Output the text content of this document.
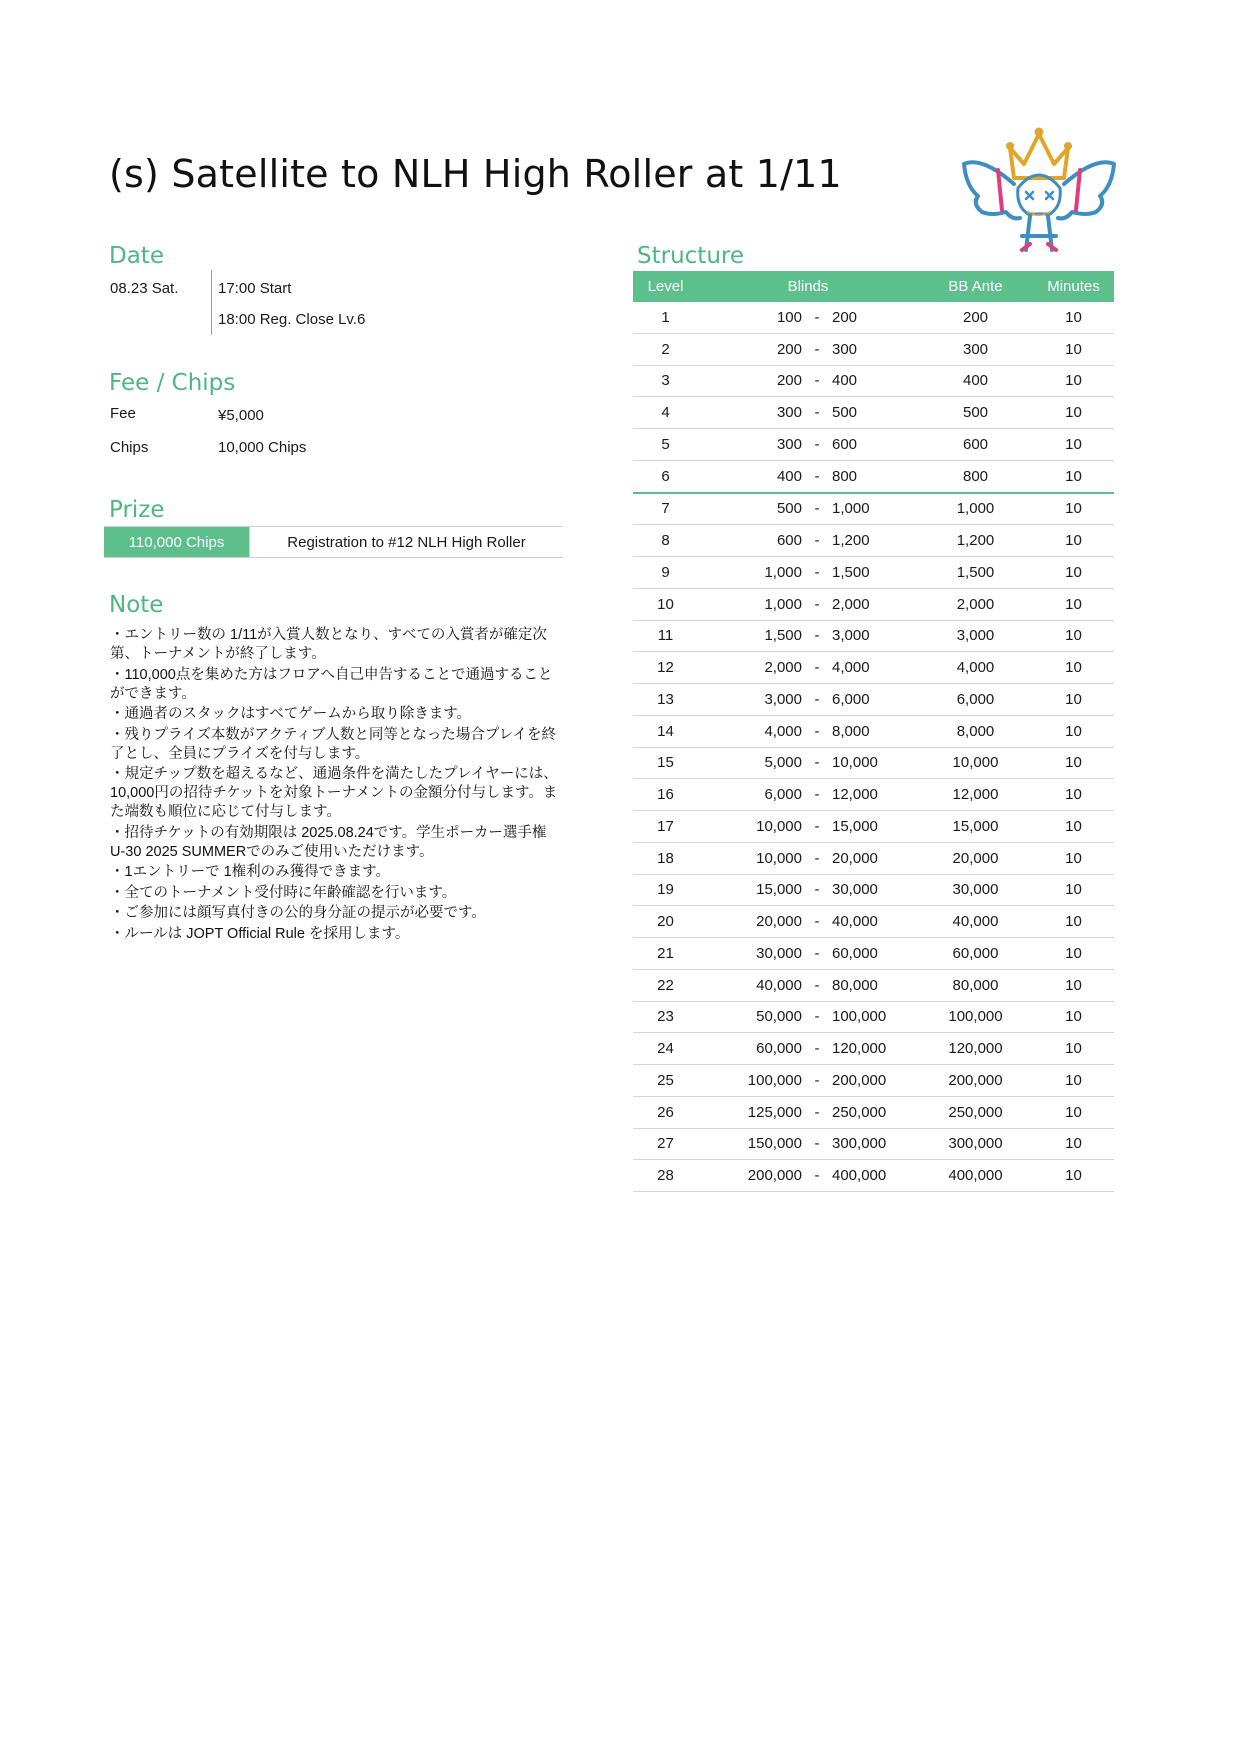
(s) Satellite to NLH High Roller at 1/11
Date
08.23 Sat.	17:00 Start
18:00 Reg. Close Lv.6
Fee / Chips
Fee	¥5,000
Chips	10,000 Chips
Prize
110,000 Chips	Registration to #12 NLH High Roller
Note

・エントリー数の 1/11が入賞人数となり、すべての入賞者が確定次第、トーナメントが終了します。

・110,000点を集めた方はフロアへ自己申告することで通過することができます。

・通過者のスタックはすべてゲームから取り除きます。

・残りプライズ本数がアクティブ人数と同等となった場合プレイを終了とし、全員にプライズを付与します。

・規定チップ数を超えるなど、通過条件を満たしたプレイヤーには、10,000円の招待チケットを対象トーナメントの金額分付与します。また端数も順位に応じて付与します。

・招待チケットの有効期限は 2025.08.24です。学生ポーカー選手権U-30 2025 SUMMERでのみご使用いただけます。

・1エントリーで 1権利のみ獲得できます。

・全てのトーナメント受付時に年齢確認を行います。

・ご参加には顔写真付きの公的身分証の提示が必要です。

・ルールは JOPT Official Rule を採用します。

Structure
Level	Blinds	BB Ante	Minutes
1	100 - 200	200	10
2	200 - 300	300	10
3	200 - 400	400	10
4	300 - 500	500	10
5	300 - 600	600	10
6	400 - 800	800	10
7	500 - 1,000	1,000	10
8	600 - 1,200	1,200	10
9	1,000 - 1,500	1,500	10
10	1,000 - 2,000	2,000	10
11	1,500 - 3,000	3,000	10
12	2,000 - 4,000	4,000	10
13	3,000 - 6,000	6,000	10
14	4,000 - 8,000	8,000	10
15	5,000 - 10,000	10,000	10
16	6,000 - 12,000	12,000	10
17	10,000 - 15,000	15,000	10
18	10,000 - 20,000	20,000	10
19	15,000 - 30,000	30,000	10
20	20,000 - 40,000	40,000	10
21	30,000 - 60,000	60,000	10
22	40,000 - 80,000	80,000	10
23	50,000 - 100,000	100,000	10
24	60,000 - 120,000	120,000	10
25	100,000 - 200,000	200,000	10
26	125,000 - 250,000	250,000	10
27	150,000 - 300,000	300,000	10
28	200,000 - 400,000	400,000	10
